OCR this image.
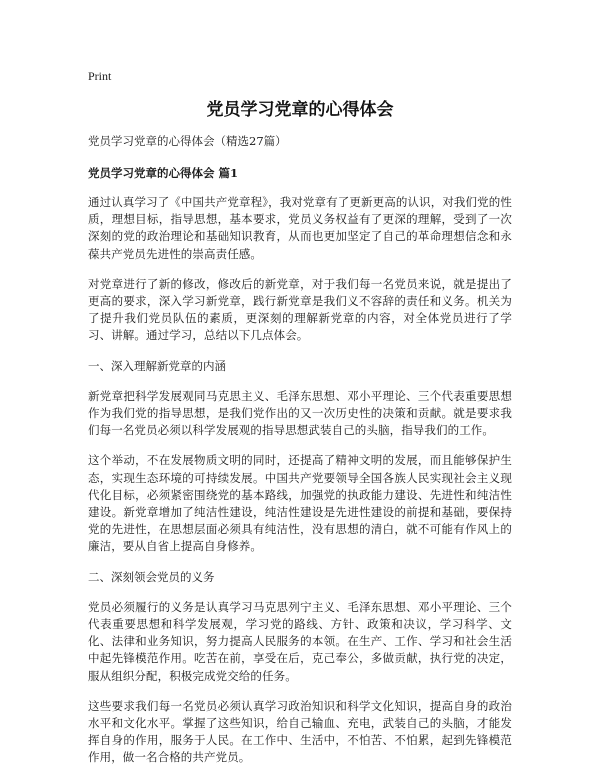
Print
党员学习党章的心得体会
党员学习党章的心得体会（精选27篇）
党员学习党章的心得体会 篇1
通过认真学习了《中国共产党章程》，我对党章有了更新更高的认识，对我们党的性质，理想目标，指导思想，基本要求，党员义务权益有了更深的理解，受到了一次深刻的党的政治理论和基础知识教育，从而也更加坚定了自己的革命理想信念和永葆共产党员先进性的崇高责任感。
对党章进行了新的修改，修改后的新党章，对于我们每一名党员来说，就是提出了更高的要求，深入学习新党章，践行新党章是我们义不容辞的责任和义务。机关为了提升我们党员队伍的素质，更深刻的理解新党章的内容，对全体党员进行了学习、讲解。通过学习，总结以下几点体会。
一、深入理解新党章的内涵
新党章把科学发展观同马克思主义、毛泽东思想、邓小平理论、三个代表重要思想作为我们党的指导思想，是我们党作出的又一次历史性的决策和贡献。就是要求我们每一名党员必须以科学发展观的指导思想武装自己的头脑，指导我们的工作。
这个举动，不在发展物质文明的同时，还提高了精神文明的发展，而且能够保护生态，实现生态环境的可持续发展。中国共产党要领导全国各族人民实现社会主义现代化目标，必须紧密围绕党的基本路线，加强党的执政能力建设、先进性和纯洁性建设。新党章增加了纯洁性建设，纯洁性建设是先进性建设的前提和基础，要保持党的先进性，在思想层面必须具有纯洁性，没有思想的清白，就不可能有作风上的廉洁，要从自省上提高自身修养。
二、深刻领会党员的义务
党员必须履行的义务是认真学习马克思列宁主义、毛泽东思想、邓小平理论、三个代表重要思想和科学发展观，学习党的路线、方针、政策和决议，学习科学、文化、法律和业务知识，努力提高人民服务的本领。在生产、工作、学习和社会生活中起先锋模范作用。吃苦在前，享受在后，克己奉公，多做贡献，执行党的决定，服从组织分配，积极完成党交给的任务。
这些要求我们每一名党员必须认真学习政治知识和科学文化知识，提高自身的政治水平和文化水平。掌握了这些知识，给自己输血、充电，武装自己的头脑，才能发挥自身的作用，服务于人民。在工作中、生活中，不怕苦、不怕累，起到先锋模范作用，做一名合格的共产党员。
